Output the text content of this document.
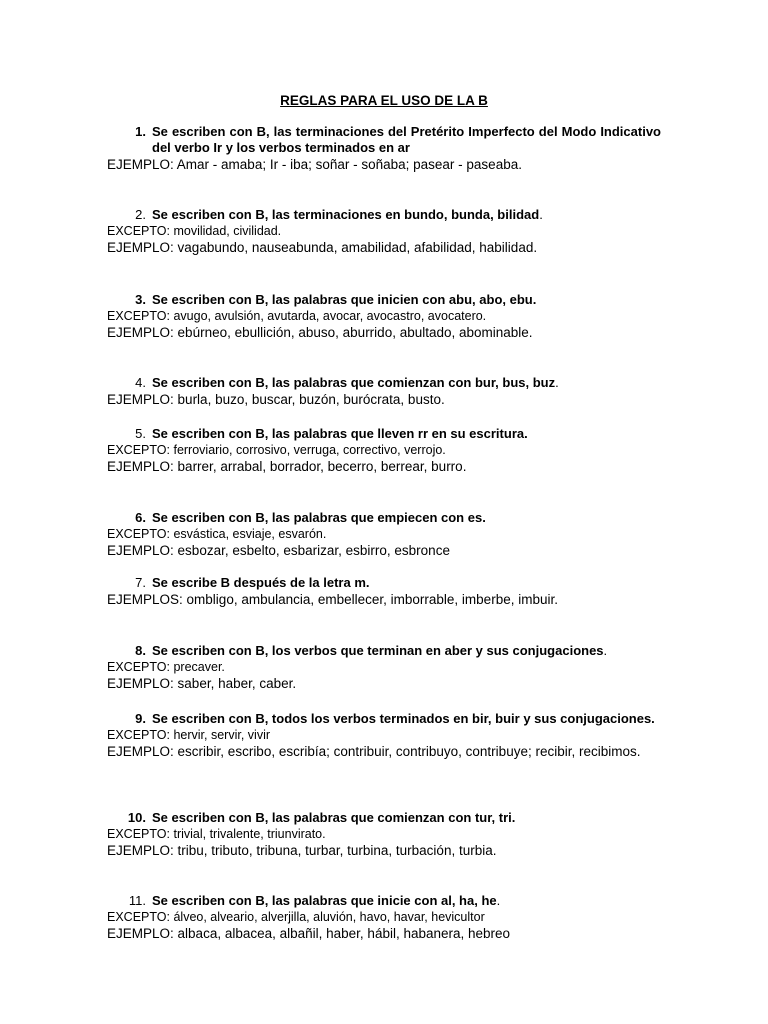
REGLAS PARA EL USO DE LA B
1. Se escriben con B, las terminaciones del Pretérito Imperfecto del Modo Indicativo del verbo Ir y los verbos terminados en ar
EJEMPLO: Amar - amaba; Ir - iba; soñar - soñaba; pasear - paseaba.
2. Se escriben con B, las terminaciones en bundo, bunda, bilidad.
EXCEPTO: movilidad, civilidad.
EJEMPLO: vagabundo, nauseabunda, amabilidad, afabilidad, habilidad.
3. Se escriben con B, las palabras que inicien con abu, abo, ebu.
EXCEPTO: avugo, avulsión, avutarda, avocar, avocastro, avocatero.
EJEMPLO: ebúrneo, ebullición, abuso, aburrido, abultado, abominable.
4. Se escriben con B, las palabras que comienzan con bur, bus, buz.
EJEMPLO: burla, buzo, buscar, buzón, burócrata, busto.
5. Se escriben con B, las palabras que lleven rr en su escritura.
EXCEPTO: ferroviario, corrosivo, verruga, correctivo, verrojo.
EJEMPLO: barrer, arrabal, borrador, becerro, berrear, burro.
6. Se escriben con B, las palabras que empiecen con es.
EXCEPTO: esvástica, esviaje, esvarón.
EJEMPLO: esbozar, esbelto, esbarizar, esbirro, esbronce
7. Se escribe B después de la letra m.
EJEMPLOS: ombligo, ambulancia, embellecer, imborrable, imberbe, imbuir.
8. Se escriben con B, los verbos que terminan en aber y sus conjugaciones.
EXCEPTO: precaver.
EJEMPLO: saber, haber, caber.
9. Se escriben con B, todos los verbos terminados en bir, buir y sus conjugaciones.
EXCEPTO: hervir, servir, vivir
EJEMPLO: escribir, escribo, escribía; contribuir, contribuyo, contribuye; recibir, recibimos.
10. Se escriben con B, las palabras que comienzan con tur, tri.
EXCEPTO: trivial, trivalente, triunvirato.
EJEMPLO: tribu, tributo, tribuna, turbar, turbina, turbación, turbia.
11. Se escriben con B, las palabras que inicie con al, ha, he.
EXCEPTO: álveo, alveario, alverjilla, aluvión, havo, havar, hevicultor
EJEMPLO: albaca, albacea, albañil, haber, hábil, habanera, hebreo
